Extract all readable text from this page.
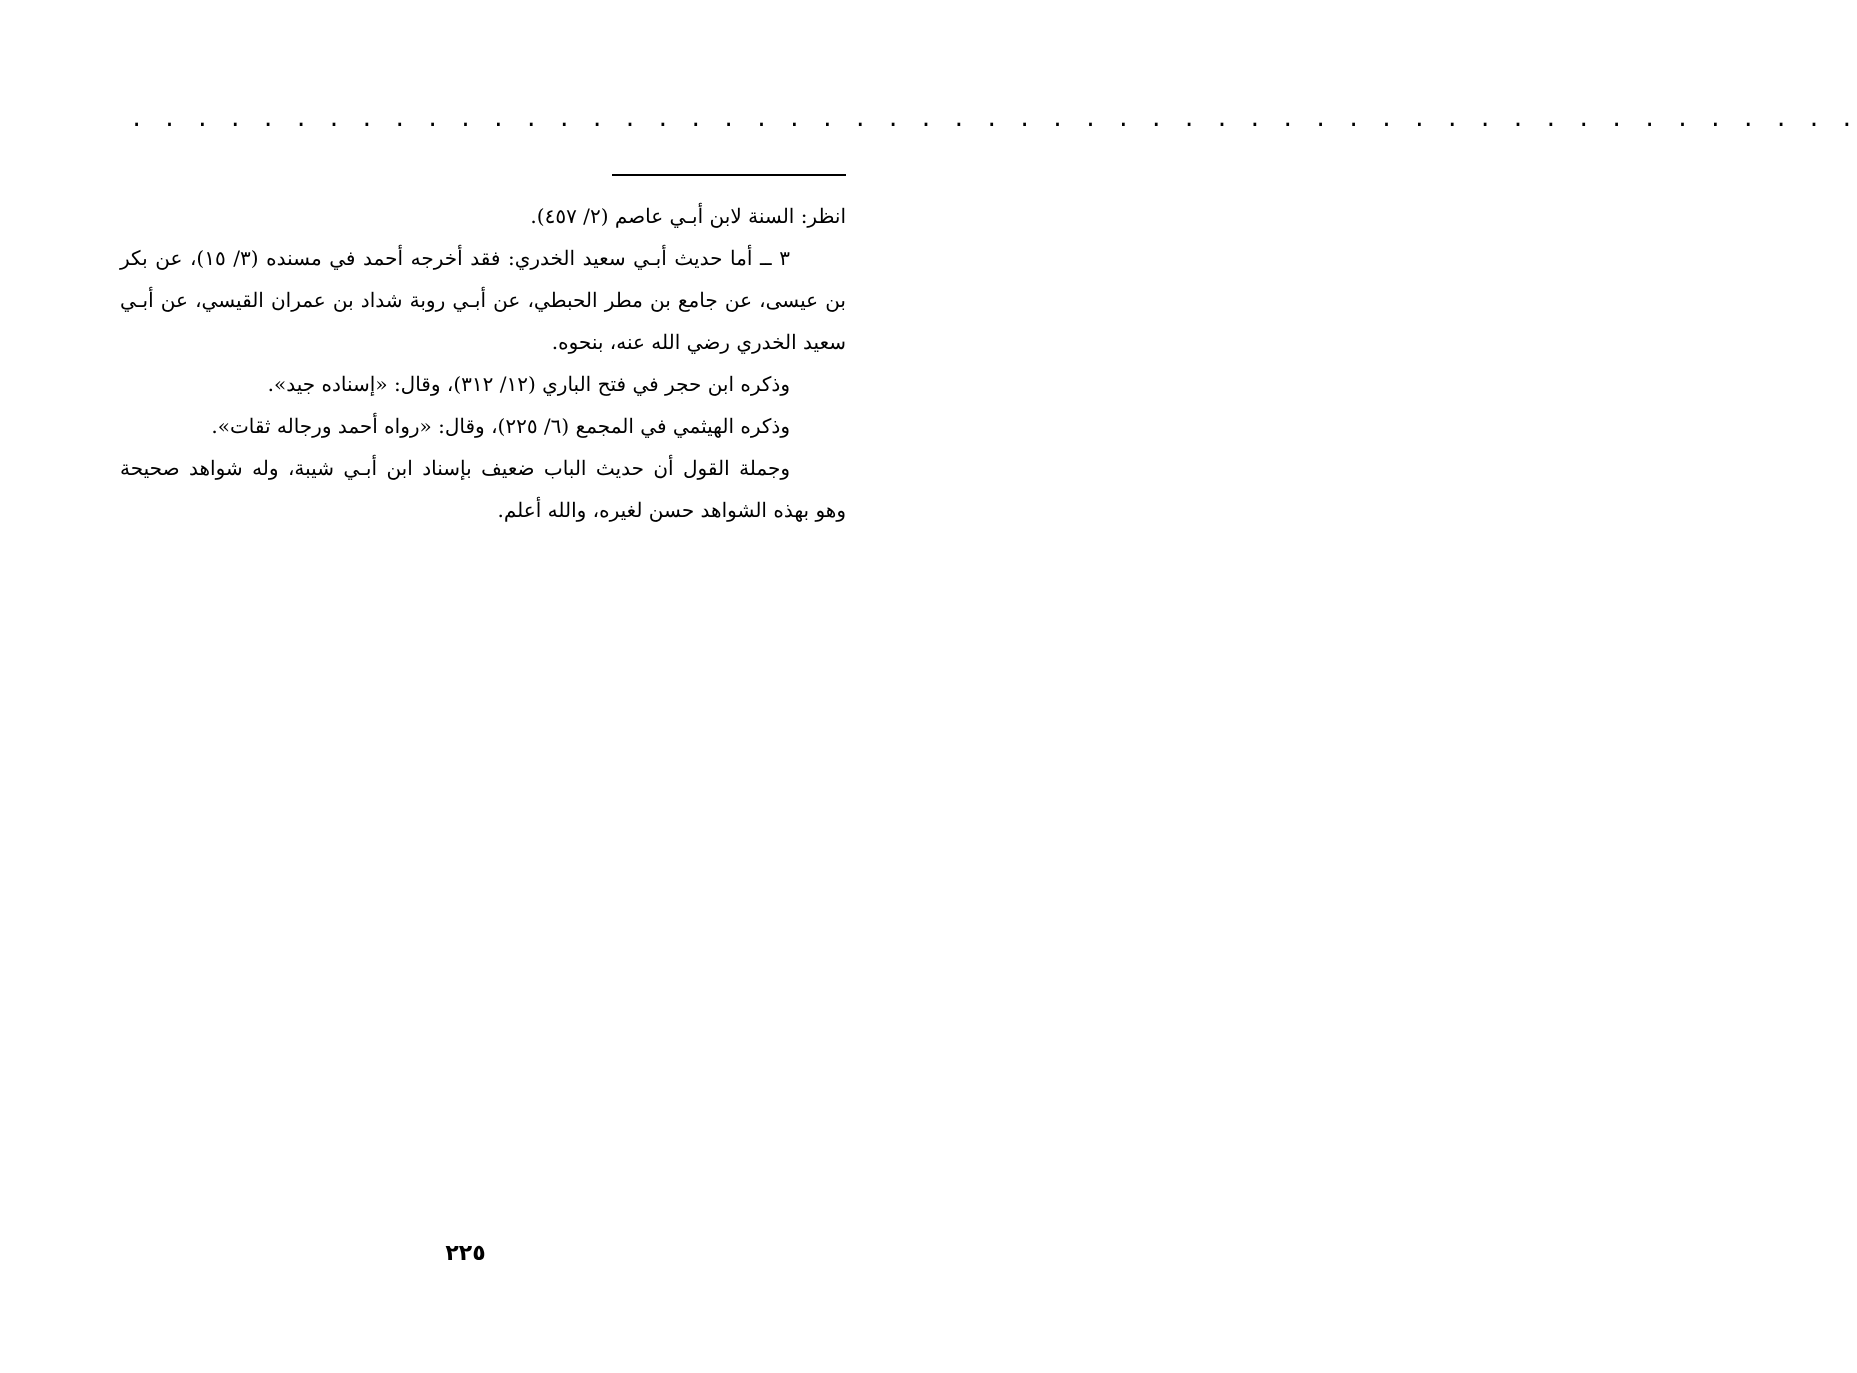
. . . . . . . . . . . . . . . . . . . . . . . . . . . . . . . . . . . . . . . . . . . . . . . . . . . . .

انظر: السنة لابن أبـي عاصم (٢/ ٤٥٧).

٣ ــ أما حديث أبـي سعيد الخدري: فقد أخرجه أحمد في مسنده (٣/ ١٥)، عن بكر بن عيسى، عن جامع بن مطر الحبطي، عن أبـي روبة شداد بن عمران القيسي، عن أبـي سعيد الخدري رضي الله عنه، بنحوه.

وذكره ابن حجر في فتح الباري (١٢/ ٣١٢)، وقال: «إسناده جيد».

وذكره الهيثمي في المجمع (٦/ ٢٢٥)، وقال: «رواه أحمد ورجاله ثقات».

وجملة القول أن حديث الباب ضعيف بإسناد ابن أبـي شيبة، وله شواهد صحيحة وهو بهذه الشواهد حسن لغيره، والله أعلم.

٢٢٥
